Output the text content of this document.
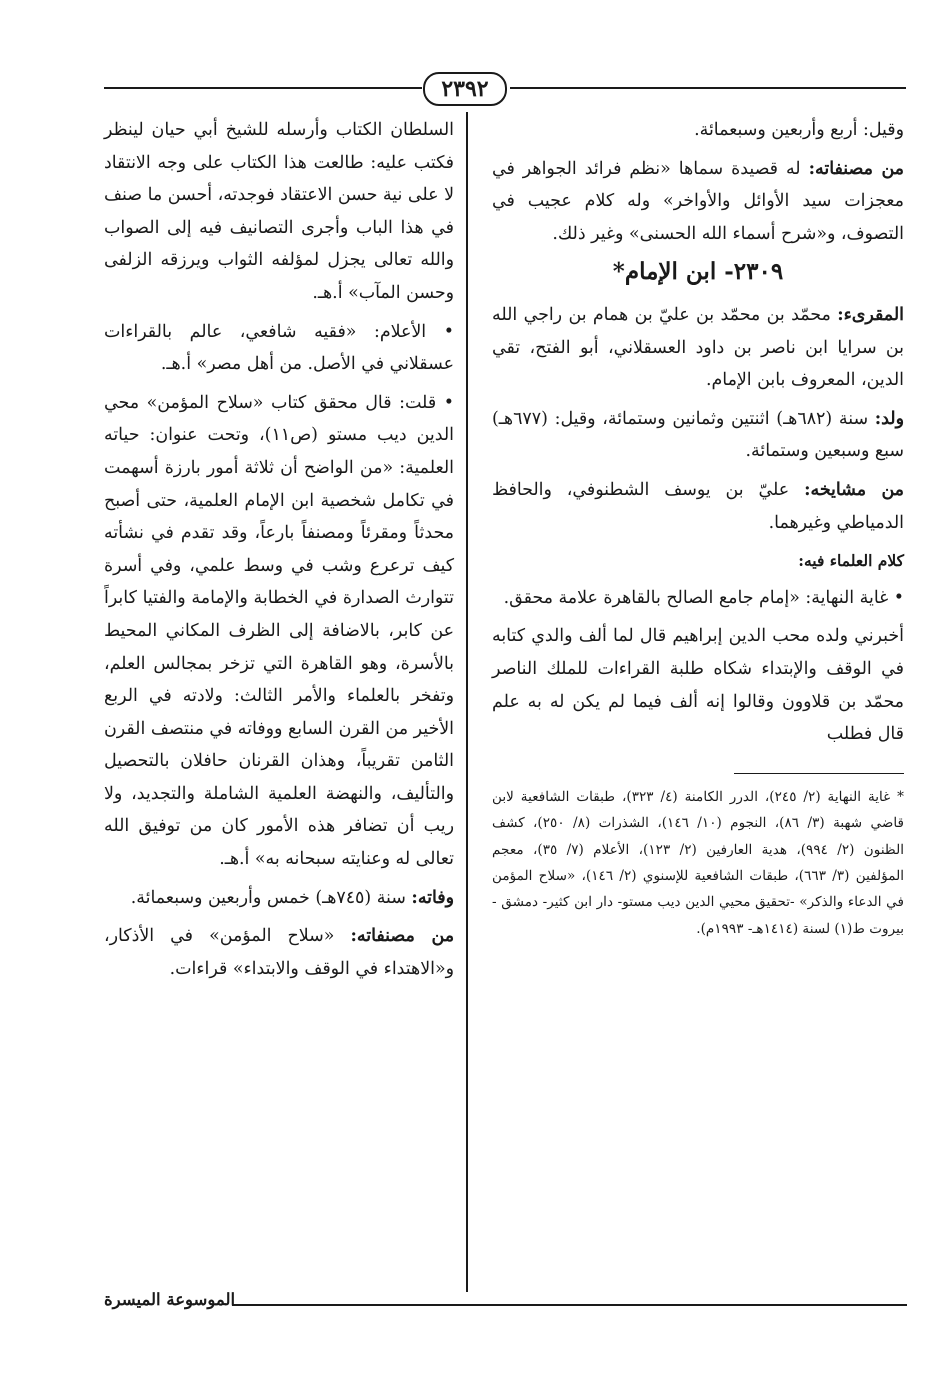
٢٣٩٢

وقيل: أربع وأربعين وسبعمائة.

من مصنفاته: له قصيدة سماها «نظم فرائد الجواهر في معجزات سيد الأوائل والأواخر» وله كلام عجيب في التصوف، و«شرح أسماء الله الحسنى» وغير ذلك.

٢٣٠٩- ابن الإمام*

المقرىء: محمّد بن محمّد بن عليّ بن همام بن راجي الله بن سرايا ابن ناصر بن داود العسقلاني، أبو الفتح، تقي الدين، المعروف بابن الإمام.

ولد: سنة (٦٨٢هـ) اثنتين وثمانين وستمائة، وقيل: (٦٧٧هـ) سبع وسبعين وستمائة.

من مشايخه: عليّ بن يوسف الشطنوفي، والحافظ الدمياطي وغيرهما.

كلام العلماء فيه:

• غاية النهاية: «إمام جامع الصالح بالقاهرة علامة محقق.

أخبرني ولده محب الدين إبراهيم قال لما ألف والدي كتابه في الوقف والإبتداء شكاه طلبة القراءات للملك الناصر محمّد بن قلاوون وقالوا إنه ألف فيما لم يكن له به علم قال فطلب

* غاية النهاية (٢/ ٢٤٥)، الدرر الكامنة (٤/ ٣٢٣)، طبقات الشافعية لابن قاضي شهبة (٣/ ٨٦)، النجوم (١٠/ ١٤٦)، الشذرات (٨/ ٢٥٠)، كشف الظنون (٢/ ٩٩٤)، هدية العارفين (٢/ ١٢٣)، الأعلام (٧/ ٣٥)، معجم المؤلفين (٣/ ٦٦٣)، طبقات الشافعية للإسنوي (٢/ ١٤٦)، «سلاح المؤمن في الدعاء والذكر» -تحقيق محيي الدين ديب مستو- دار ابن كثير- دمشق - بيروت ط(١) لسنة (١٤١٤هـ- ١٩٩٣م).

السلطان الكتاب وأرسله للشيخ أبي حيان لينظر فكتب عليه: طالعت هذا الكتاب على وجه الانتقاد لا على نية حسن الاعتقاد فوجدته، أحسن ما صنف في هذا الباب وأجرى التصانيف فيه إلى الصواب والله تعالى يجزل لمؤلفه الثواب ويرزقه الزلفى وحسن المآب» أ.هـ.

• الأعلام: «فقيه شافعي، عالم بالقراءات عسقلاني في الأصل. من أهل مصر» أ.هـ.

• قلت: قال محقق كتاب «سلاح المؤمن» محي الدين ديب مستو (ص١١)، وتحت عنوان: حياته العلمية: «من الواضح أن ثلاثة أمور بارزة أسهمت في تكامل شخصية ابن الإمام العلمية، حتى أصبح محدثاً ومقرئاً ومصنفاً بارعاً، وقد تقدم في نشأته كيف ترعرع وشب في وسط علمي، وفي أسرة تتوارث الصدارة في الخطابة والإمامة والفتيا كابراً عن كابر، بالاضافة إلى الظرف المكاني المحيط بالأسرة، وهو القاهرة التي تزخر بمجالس العلم، وتفخر بالعلماء والأمر الثالث: ولادته في الربع الأخير من القرن السابع ووفاته في منتصف القرن الثامن تقريباً، وهذان القرنان حافلان بالتحصيل والتأليف، والنهضة العلمية الشاملة والتجديد، ولا ريب أن تضافر هذه الأمور كان من توفيق الله تعالى له وعنايته سبحانه به» أ.هـ.

وفاته: سنة (٧٤٥هـ) خمس وأربعين وسبعمائة.

من مصنفاته: «سلاح المؤمن» في الأذكار، و«الاهتداء في الوقف والابتداء» قراءات.

الموسوعة الميسرة
